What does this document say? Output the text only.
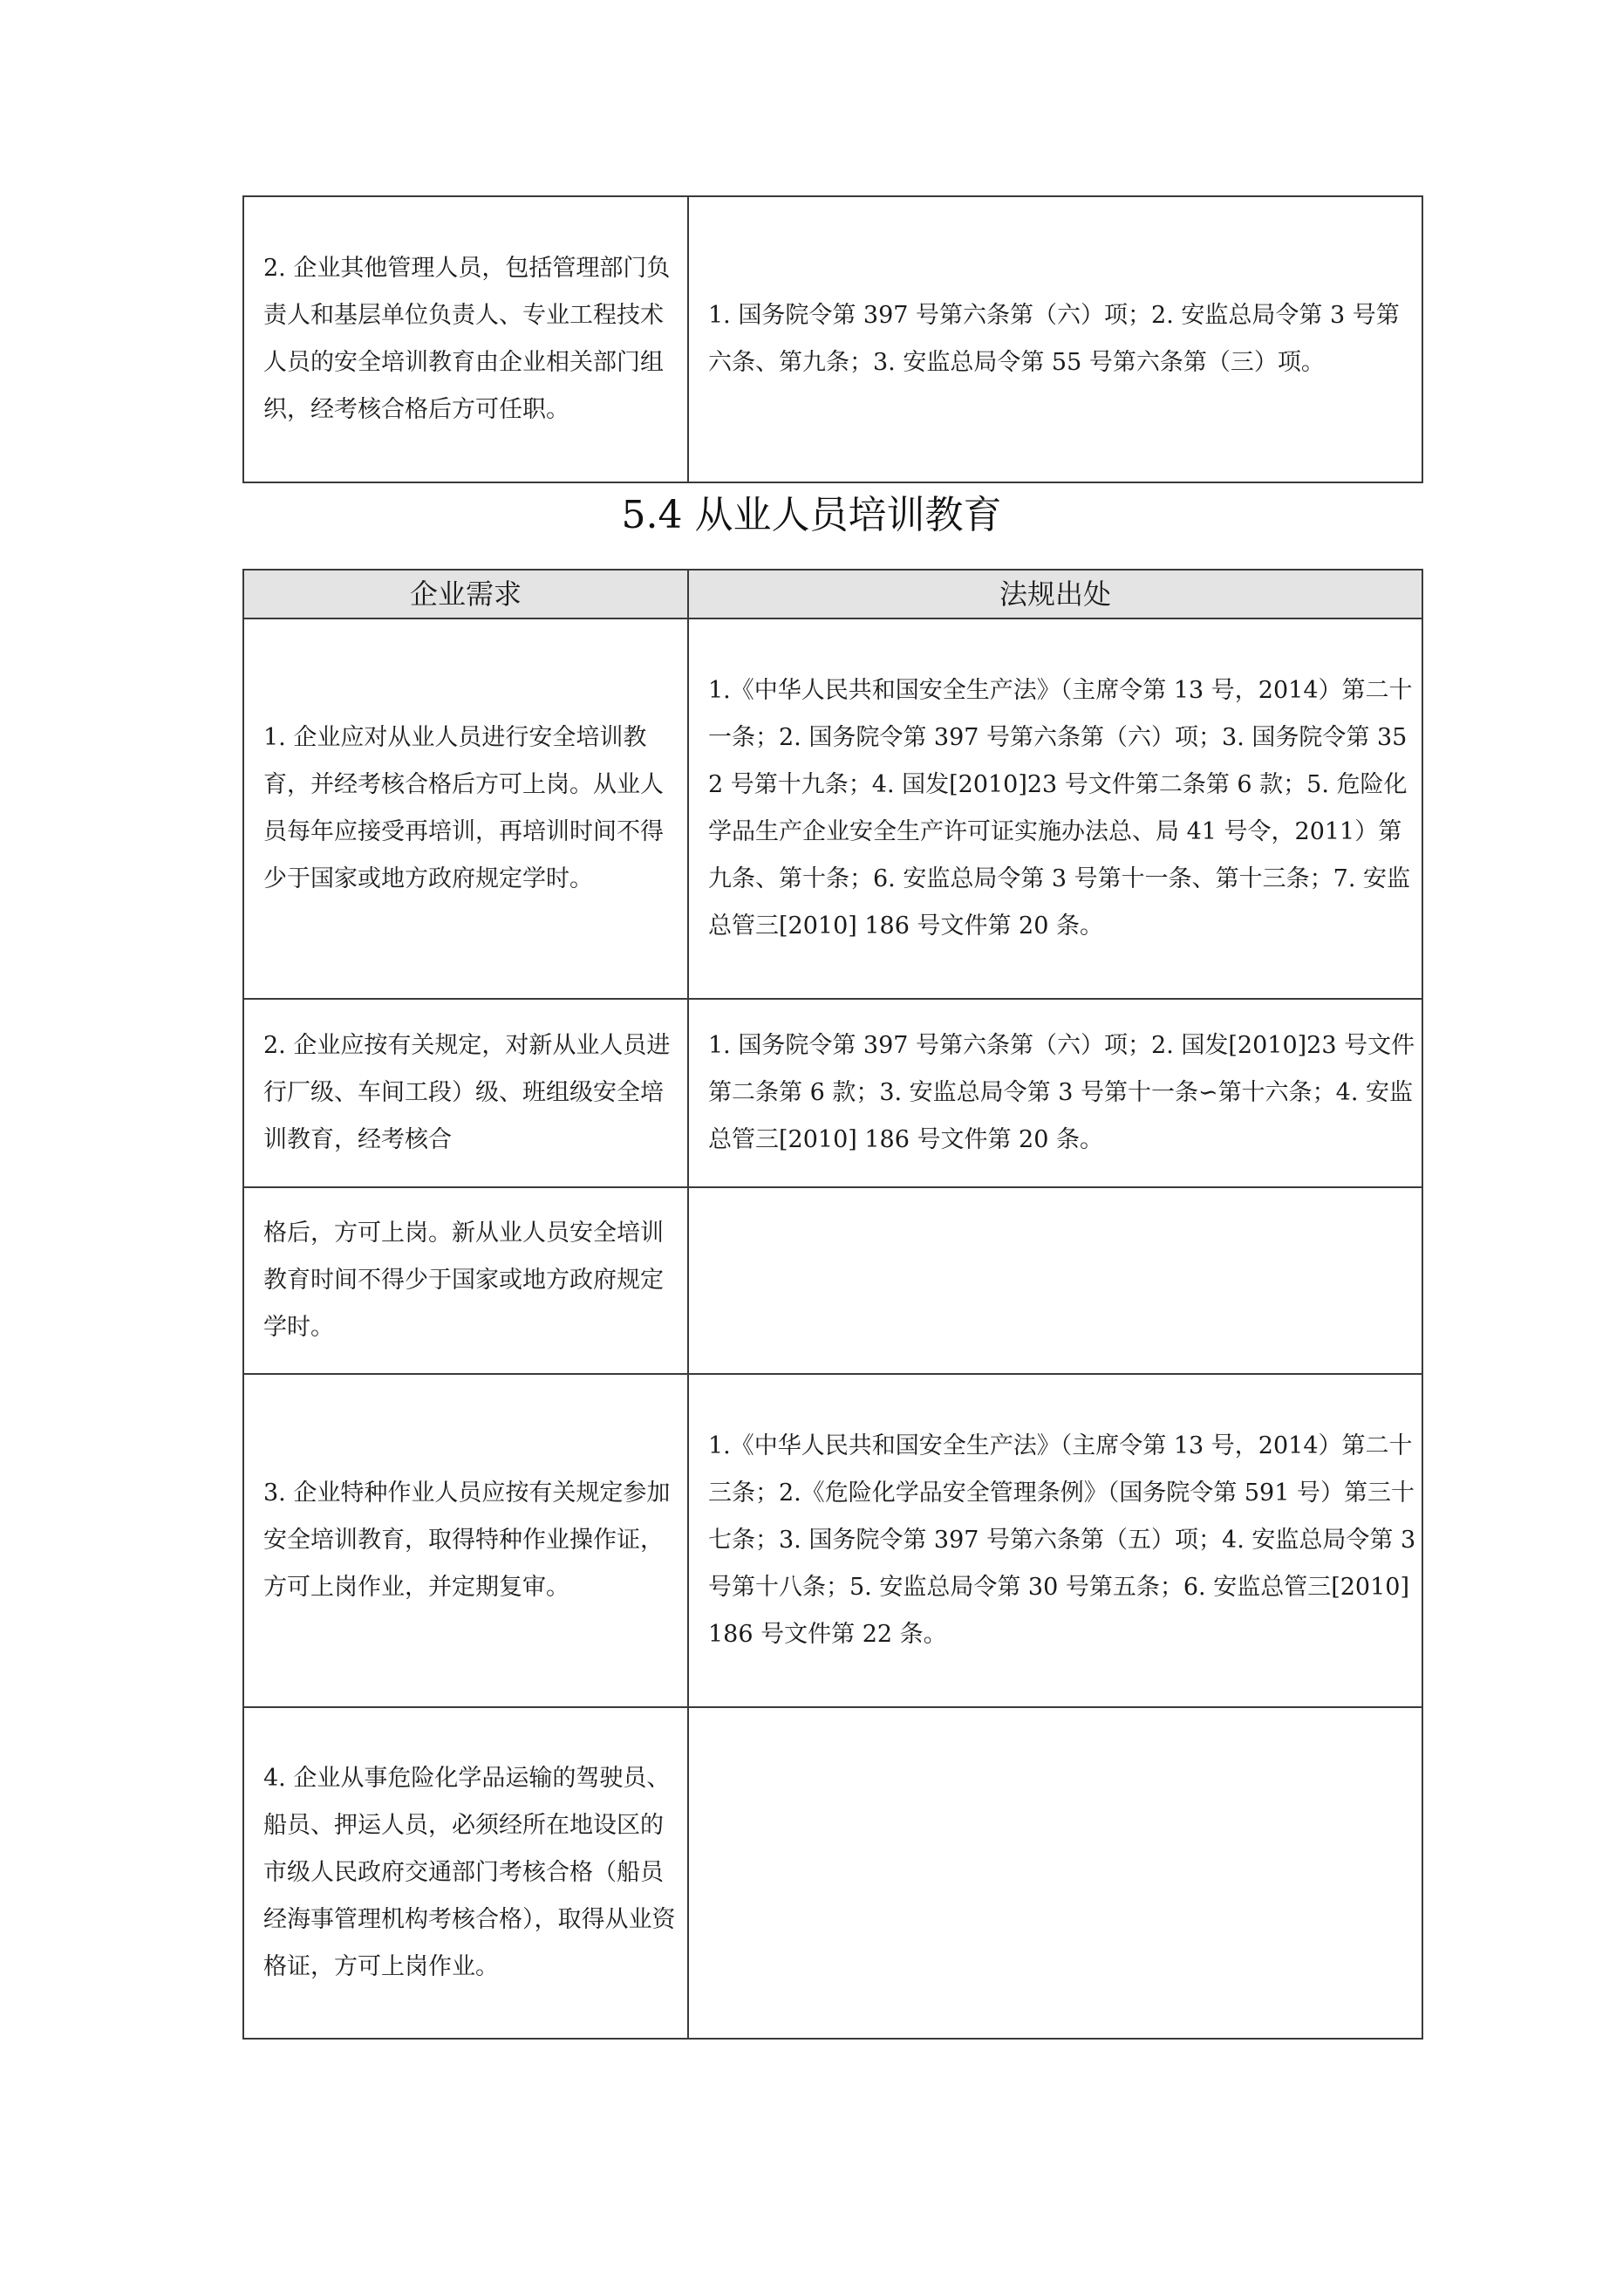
2. 企业其他管理人员，包括管理部门负责人和基层单位负责人、专业工程技术人员的安全培训教育由企业相关部门组织，经考核合格后方可任职。	1. 国务院令第 397 号第六条第（六）项；2. 安监总局令第 3 号第六条、第九条；3. 安监总局令第 55 号第六条第（三）项。
5.4 从业人员培训教育
企业需求	法规出处
1. 企业应对从业人员进行安全培训教育，并经考核合格后方可上岗。从业人员每年应接受再培训，再培训时间不得少于国家或地方政府规定学时。	1.《中华人民共和国安全生产法》（主席令第 13 号，2014）第二十一条；2. 国务院令第 397 号第六条第（六）项；3. 国务院令第 352 号第十九条；4. 国发[2010]23 号文件第二条第 6 款；5. 危险化学品生产企业安全生产许可证实施办法总、局 41 号令，2011）第九条、第十条；6. 安监总局令第 3 号第十一条、第十三条；7. 安监总管三[2010] 186 号文件第 20 条。
2. 企业应按有关规定，对新从业人员进行厂级、车间工段）级、班组级安全培训教育，经考核合	1. 国务院令第 397 号第六条第（六）项；2. 国发[2010]23 号文件第二条第 6 款；3. 安监总局令第 3 号第十一条∽第十六条；4. 安监总管三[2010] 186 号文件第 20 条。
格后，方可上岗。新从业人员安全培训教育时间不得少于国家或地方政府规定学时。	
3. 企业特种作业人员应按有关规定参加安全培训教育，取得特种作业操作证，方可上岗作业，并定期复审。	1.《中华人民共和国安全生产法》（主席令第 13 号，2014）第二十三条；2.《危险化学品安全管理条例》（国务院令第 591 号）第三十七条；3. 国务院令第 397 号第六条第（五）项；4. 安监总局令第 3 号第十八条；5. 安监总局令第 30 号第五条；6. 安监总管三[2010] 186 号文件第 22 条。
4. 企业从事危险化学品运输的驾驶员、船员、押运人员，必须经所在地设区的市级人民政府交通部门考核合格（船员经海事管理机构考核合格），取得从业资格证，方可上岗作业。	
